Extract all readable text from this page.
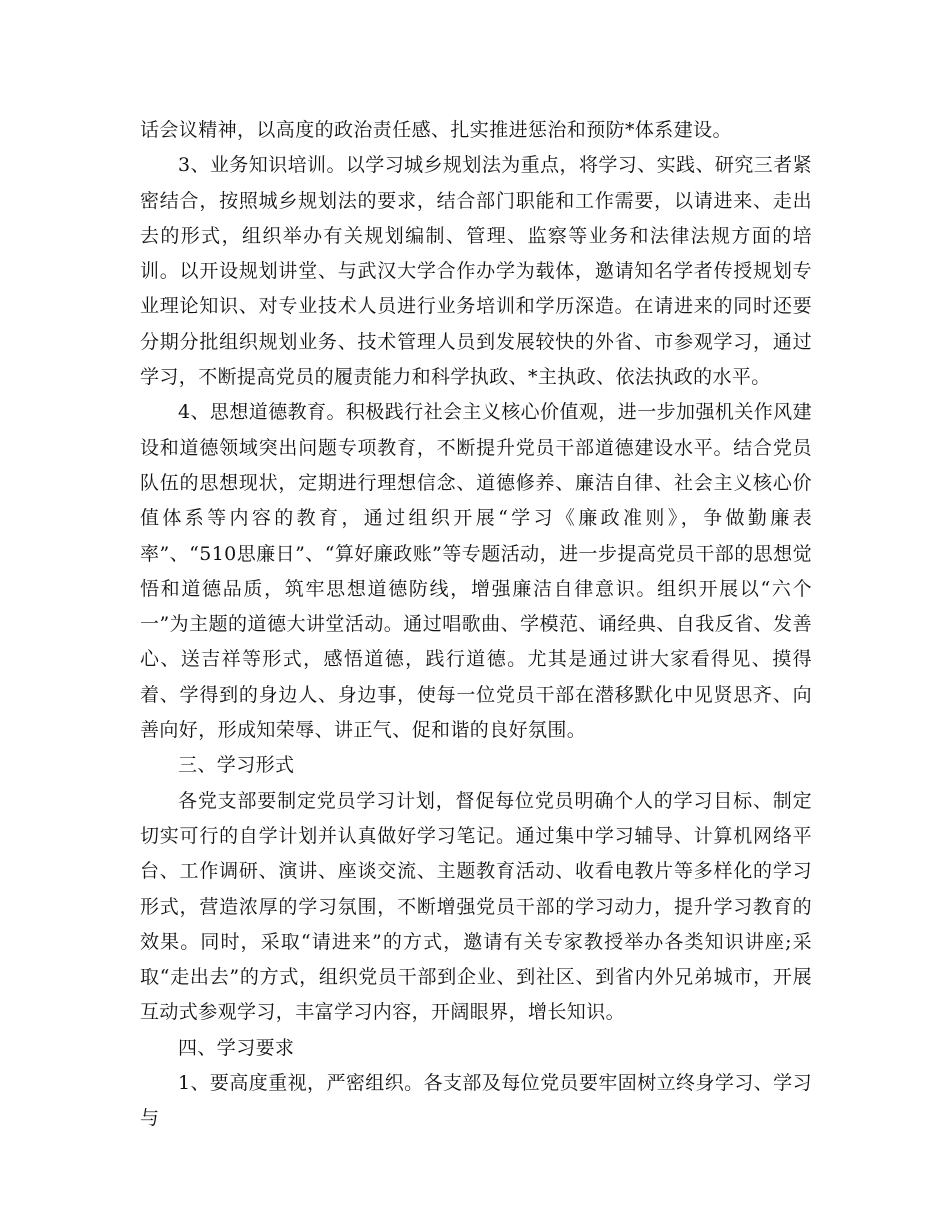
话会议精神，以高度的政治责任感、扎实推进惩治和预防*体系建设。

3、业务知识培训。以学习城乡规划法为重点，将学习、实践、研究三者紧密结合，按照城乡规划法的要求，结合部门职能和工作需要，以请进来、走出去的形式，组织举办有关规划编制、管理、监察等业务和法律法规方面的培训。以开设规划讲堂、与武汉大学合作办学为载体，邀请知名学者传授规划专业理论知识、对专业技术人员进行业务培训和学历深造。在请进来的同时还要分期分批组织规划业务、技术管理人员到发展较快的外省、市参观学习，通过学习，不断提高党员的履责能力和科学执政、*主执政、依法执政的水平。

4、思想道德教育。积极践行社会主义核心价值观，进一步加强机关作风建设和道德领域突出问题专项教育，不断提升党员干部道德建设水平。结合党员队伍的思想现状，定期进行理想信念、道德修养、廉洁自律、社会主义核心价值体系等内容的教育，通过组织开展“学习《廉政准则》，争做勤廉表率”、“510思廉日”、“算好廉政账”等专题活动，进一步提高党员干部的思想觉悟和道德品质，筑牢思想道德防线，增强廉洁自律意识。组织开展以“六个一”为主题的道德大讲堂活动。通过唱歌曲、学模范、诵经典、自我反省、发善心、送吉祥等形式，感悟道德，践行道德。尤其是通过讲大家看得见、摸得着、学得到的身边人、身边事，使每一位党员干部在潜移默化中见贤思齐、向善向好，形成知荣辱、讲正气、促和谐的良好氛围。

三、学习形式

各党支部要制定党员学习计划，督促每位党员明确个人的学习目标、制定切实可行的自学计划并认真做好学习笔记。通过集中学习辅导、计算机网络平台、工作调研、演讲、座谈交流、主题教育活动、收看电教片等多样化的学习形式，营造浓厚的学习氛围，不断增强党员干部的学习动力，提升学习教育的效果。同时，采取“请进来”的方式，邀请有关专家教授举办各类知识讲座;采取“走出去”的方式，组织党员干部到企业、到社区、到省内外兄弟城市，开展互动式参观学习，丰富学习内容，开阔眼界，增长知识。

四、学习要求

1、要高度重视，严密组织。各支部及每位党员要牢固树立终身学习、学习与
